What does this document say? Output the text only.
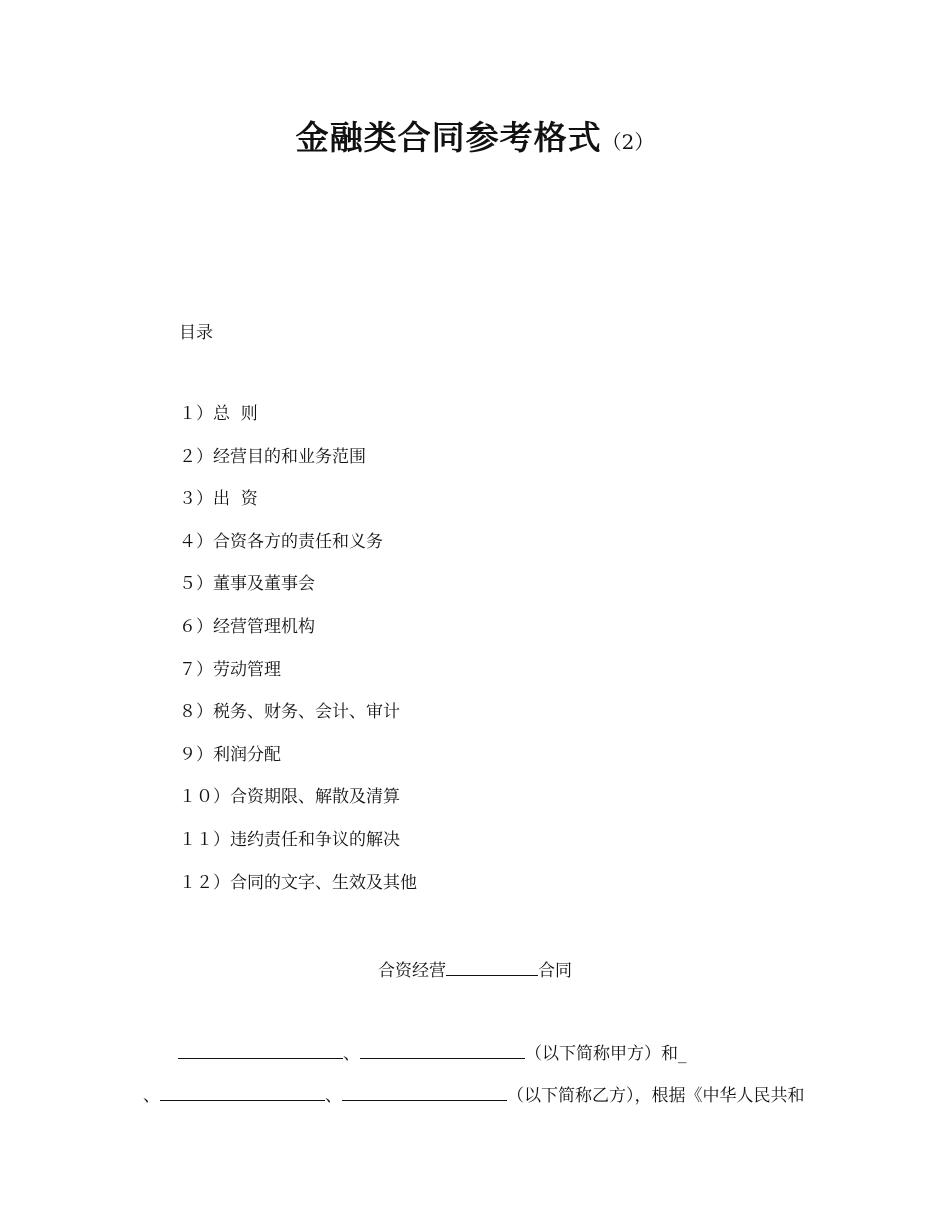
金融类合同参考格式（2）
目录
１）总  则
２）经营目的和业务范围
３）出  资
４）合资各方的责任和义务
５）董事及董事会
６）经营管理机构
７）劳动管理
８）税务、财务、会计、审计
９）利润分配
１０）合资期限、解散及清算
１１）违约责任和争议的解决
１２）合同的文字、生效及其他
合资经营	合同
、	（以下简称甲方）和_
、	、	（以下简称乙方），根据《中华人民共和
